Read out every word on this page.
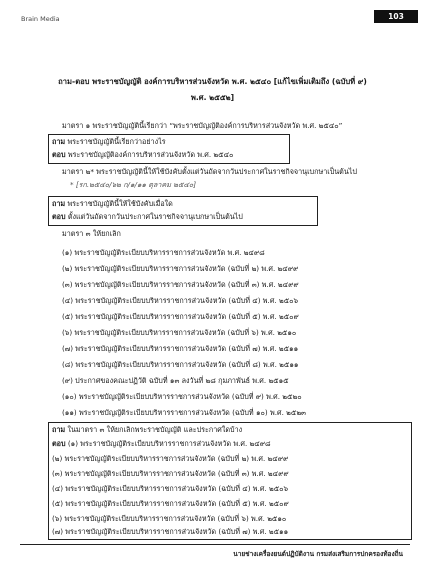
Brain Media	103
ถาม-ตอบ พระราชบัญญัติ องค์การบริหารส่วนจังหวัด พ.ศ. ๒๕๔๐ [แก้ไขเพิ่มเติมถึง (ฉบับที่ ๙)
พ.ศ. ๒๕๕๒]
มาตรา ๑ พระราชบัญญัตินี้เรียกว่า “พระราชบัญญัติองค์การบริหารส่วนจังหวัด พ.ศ. ๒๕๔๐”
ถาม พระราชบัญญัตินี้เรียกว่าอย่างไร
ตอบ พระราชบัญญัติองค์การบริหารส่วนจังหวัด พ.ศ. ๒๕๔๐
มาตรา ๒* พระราชบัญญัตินี้ให้ใช้บังคับตั้งแต่วันถัดจากวันประกาศในราชกิจจานุเบกษาเป็นต้นไป
* [รก.๒๕๔๐/๖๒ ก/๑/๑๑ ตุลาคม ๒๕๔๐]
ถาม พระราชบัญญัตินี้ให้ใช้บังคับเมื่อใด
ตอบ ตั้งแต่วันถัดจากวันประกาศในราชกิจจานุเบกษาเป็นต้นไป
มาตรา ๓ ให้ยกเลิก
(๑) พระราชบัญญัติระเบียบบริหารราชการส่วนจังหวัด พ.ศ. ๒๔๙๘
(๒) พระราชบัญญัติระเบียบบริหารราชการส่วนจังหวัด (ฉบับที่ ๒) พ.ศ. ๒๔๙๙
(๓) พระราชบัญญัติระเบียบบริหารราชการส่วนจังหวัด (ฉบับที่ ๓) พ.ศ. ๒๔๙๙
(๔) พระราชบัญญัติระเบียบบริหารราชการส่วนจังหวัด (ฉบับที่ ๔) พ.ศ. ๒๕๐๖
(๕) พระราชบัญญัติระเบียบบริหารราชการส่วนจังหวัด (ฉบับที่ ๕) พ.ศ. ๒๕๐๙
(๖) พระราชบัญญัติระเบียบบริหารราชการส่วนจังหวัด (ฉบับที่ ๖) พ.ศ. ๒๕๑๐
(๗) พระราชบัญญัติระเบียบบริหารราชการส่วนจังหวัด (ฉบับที่ ๗) พ.ศ. ๒๕๑๑
(๘) พระราชบัญญัติระเบียบบริหารราชการส่วนจังหวัด (ฉบับที่ ๘) พ.ศ. ๒๕๑๑
(๙) ประกาศของคณะปฏิวัติ ฉบับที่ ๑๓ ลงวันที่ ๒๘ กุมภาพันธ์ พ.ศ. ๒๕๑๕
(๑๐) พระราชบัญญัติระเบียบบริหารราชการส่วนจังหวัด (ฉบับที่ ๙) พ.ศ. ๒๕๒๐
(๑๑) พระราชบัญญัติระเบียบบริหารราชการส่วนจังหวัด (ฉบับที่ ๑๐) พ.ศ. ๒๕๒๓
ถาม ในมาตรา ๓ ให้ยกเลิกพระราชบัญญัติ และประกาศใดบ้าง
ตอบ (๑) พระราชบัญญัติระเบียบบริหารราชการส่วนจังหวัด พ.ศ. ๒๔๙๘
(๒) พระราชบัญญัติระเบียบบริหารราชการส่วนจังหวัด (ฉบับที่ ๒) พ.ศ. ๒๔๙๙
(๓) พระราชบัญญัติระเบียบบริหารราชการส่วนจังหวัด (ฉบับที่ ๓) พ.ศ. ๒๔๙๙
(๔) พระราชบัญญัติระเบียบบริหารราชการส่วนจังหวัด (ฉบับที่ ๔) พ.ศ. ๒๕๐๖
(๕) พระราชบัญญัติระเบียบบริหารราชการส่วนจังหวัด (ฉบับที่ ๕) พ.ศ. ๒๕๐๙
(๖) พระราชบัญญัติระเบียบบริหารราชการส่วนจังหวัด (ฉบับที่ ๖) พ.ศ. ๒๕๑๐
(๗) พระราชบัญญัติระเบียบบริหารราชการส่วนจังหวัด (ฉบับที่ ๗) พ.ศ. ๒๕๑๑
นายช่างเครื่องยนต์ปฏิบัติงาน กรมส่งเสริมการปกครองท้องถิ่น
